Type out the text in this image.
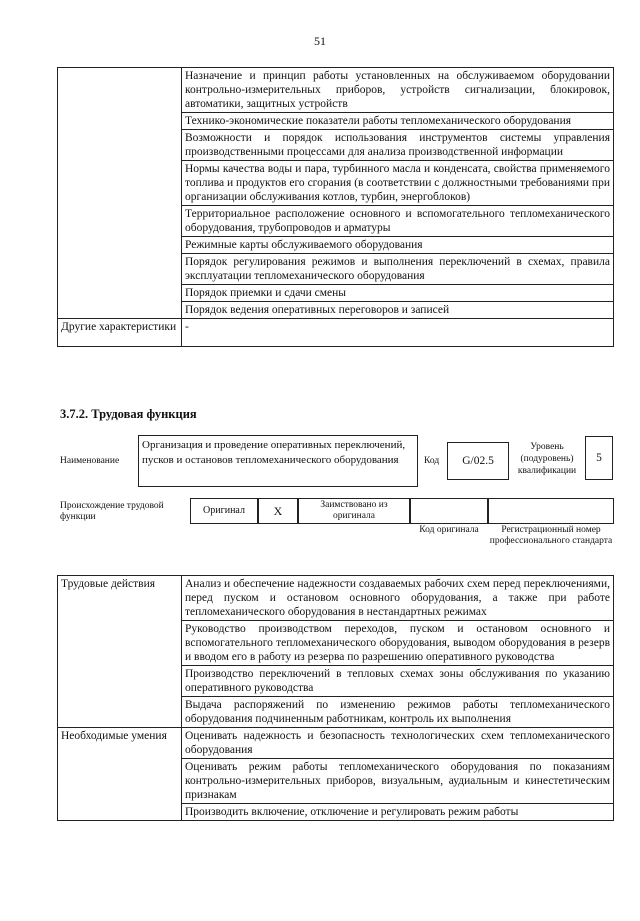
51
	Назначение и принцип работы установленных на обслуживаемом оборудовании контрольно-измерительных приборов, устройств сигнализации, блокировок, автоматики, защитных устройств
	Технико-экономические показатели работы тепломеханического оборудования
	Возможности и порядок использования инструментов системы управления производственными процессами для анализа производственной информации
	Нормы качества воды и пара, турбинного масла и конденсата, свойства применяемого топлива и продуктов его сгорания (в соответствии с должностными требованиями при организации обслуживания котлов, турбин, энергоблоков)
	Территориальное расположение основного и вспомогательного тепломеханического оборудования, трубопроводов и арматуры
	Режимные карты обслуживаемого оборудования
	Порядок регулирования режимов и выполнения переключений в схемах, правила эксплуатации тепломеханического оборудования
	Порядок приемки и сдачи смены
	Порядок ведения оперативных переговоров и записей
Другие характеристики	-
3.7.2. Трудовая функция
Наименование
Организация и проведение оперативных переключений, пусков и остановов тепломеханического оборудования	Код	G/02.5
Уровень (подуровень) квалификации
5
Происхождение трудовой функции
Оригинал	X	Заимствовано из оригинала
Код оригинала	Регистрационный номер профессионального стандарта
Трудовые действия	Анализ и обеспечение надежности создаваемых рабочих схем перед переключениями, перед пуском и остановом основного оборудования, а также при работе тепломеханического оборудования в нестандартных режимах
	Руководство производством переходов, пуском и остановом основного и вспомогательного тепломеханического оборудования, выводом оборудования в резерв и вводом его в работу из резерва по разрешению оперативного руководства
	Производство переключений в тепловых схемах зоны обслуживания по указанию оперативного руководства
	Выдача распоряжений по изменению режимов работы тепломеханического оборудования подчиненным работникам, контроль их выполнения
Необходимые умения	Оценивать надежность и безопасность технологических схем тепломеханического оборудования
	Оценивать режим работы тепломеханического оборудования по показаниям контрольно-измерительных приборов, визуальным, аудиальным и кинестетическим признакам
	Производить включение, отключение и регулировать режим работы
